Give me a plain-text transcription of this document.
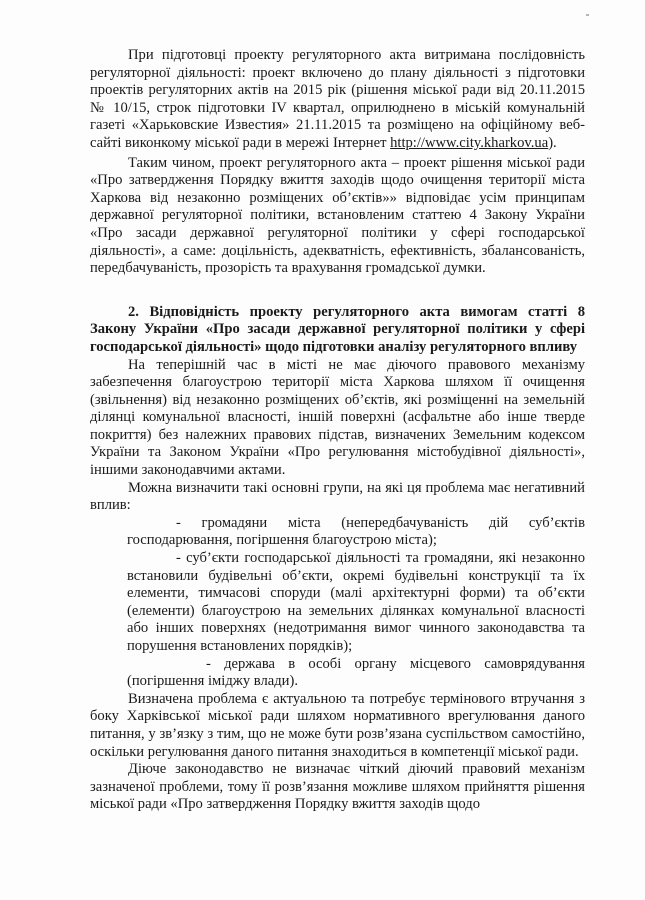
При підготовці проекту регуляторного акта витримана послідовність регуляторної діяльності: проект включено до плану діяльності з підготовки проектів регуляторних актів на 2015 рік (рішення міської ради від 20.11.2015 № 10/15, строк підготовки IV квартал, оприлюднено в міській комунальній газеті «Харьковские Известия» 21.11.2015 та розміщено на офіційному веб-сайті виконкому міської ради в мережі Інтернет http://www.city.kharkov.ua).

Таким чином, проект регуляторного акта – проект рішення міської ради «Про затвердження Порядку вжиття заходів щодо очищення території міста Харкова від незаконно розміщених об’єктів»» відповідає усім принципам державної регуляторної політики, встановленим статтею 4 Закону України «Про засади державної регуляторної політики у сфері господарської діяльності», а саме: доцільність, адекватність, ефективність, збалансованість, передбачуваність, прозорість та врахування громадської думки.

2. Відповідність проекту регуляторного акта вимогам статті 8 Закону України «Про засади державної регуляторної політики у сфері господарської діяльності» щодо підготовки аналізу регуляторного впливу

На теперішній час в місті не має діючого правового механізму забезпечення благоустрою території міста Харкова шляхом її очищення (звільнення) від незаконно розміщених об’єктів, які розміщенні на земельній ділянці комунальної власності, іншій поверхні (асфальтне або інше тверде покриття) без належних правових підстав, визначених Земельним кодексом України та Законом України «Про регулювання містобудівної діяльності», іншими законодавчими актами.

Можна визначити такі основні групи, на які ця проблема має негативний вплив:

- громадяни міста (непередбачуваність дій суб’єктів господарювання, погіршення благоустрою міста);

- суб’єкти господарської діяльності та громадяни, які незаконно встановили будівельні об’єкти, окремі будівельні конструкції та їх елементи, тимчасові споруди (малі архітектурні форми) та об’єкти (елементи) благоустрою на земельних ділянках комунальної власності або інших поверхнях (недотримання вимог чинного законодавства та порушення встановлених порядків);

- держава в особі органу місцевого самоврядування (погіршення іміджу влади).

Визначена проблема є актуальною та потребує термінового втручання з боку Харківської міської ради шляхом нормативного врегулювання даного питання, у зв’язку з тим, що не може бути розв’язана суспільством самостійно, оскільки регулювання даного питання знаходиться в компетенції міської ради.

Діюче законодавство не визначає чіткий діючий правовий механізм зазначеної проблеми, тому її розв’язання можливе шляхом прийняття рішення міської ради «Про затвердження Порядку вжиття заходів щодо
